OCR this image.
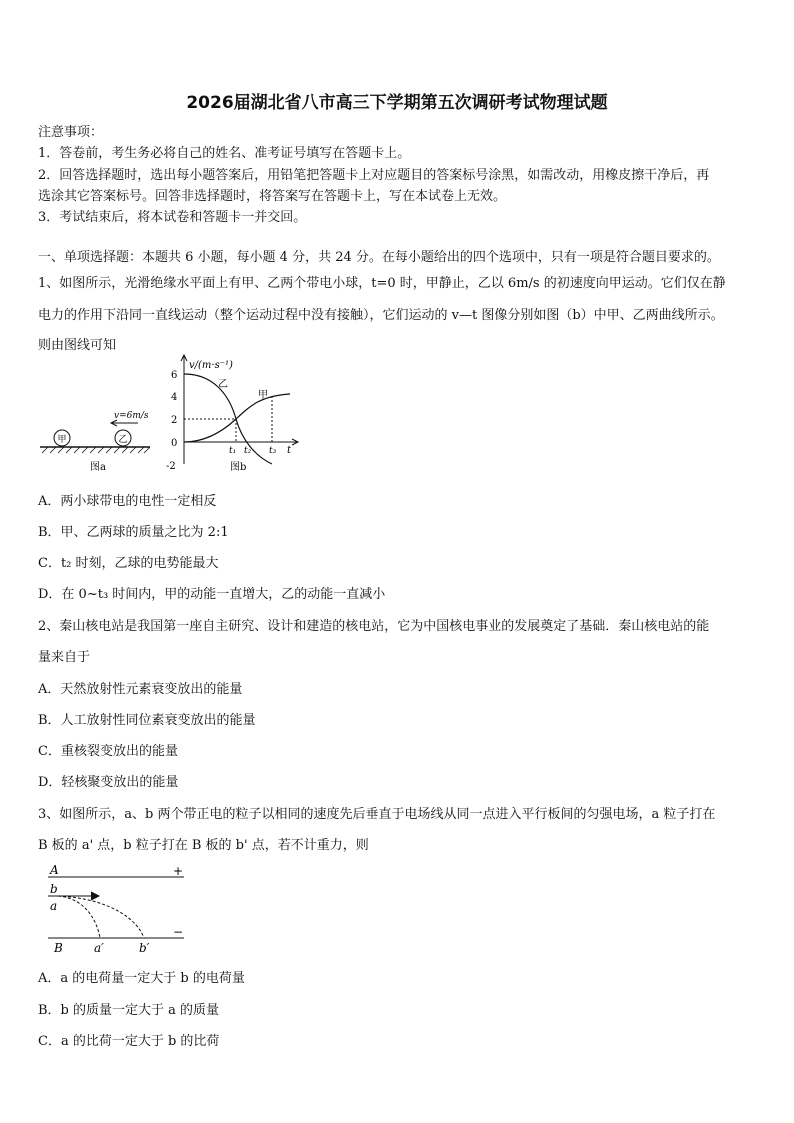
2026届湖北省八市高三下学期第五次调研考试物理试题
注意事项：
1．答卷前，考生务必将自己的姓名、准考证号填写在答题卡上。
2．回答选择题时，选出每小题答案后，用铅笔把答题卡上对应题目的答案标号涂黑，如需改动，用橡皮擦干净后，再
选涂其它答案标号。回答非选择题时，将答案写在答题卡上，写在本试卷上无效。
3．考试结束后，将本试卷和答题卡一并交回。
一、单项选择题：本题共 6 小题，每小题 4 分，共 24 分。在每小题给出的四个选项中，只有一项是符合题目要求的。
1、如图所示，光滑绝缘水平面上有甲、乙两个带电小球，t=0 时，甲静止，乙以 6m/s 的初速度向甲运动。它们仅在静
电力的作用下沿同一直线运动（整个运动过程中没有接触），它们运动的 v—t 图像分别如图（b）中甲、乙两曲线所示。
则由图线可知
v=6m/s
甲	乙
图a
v/(m·s⁻¹)
6
4
2
0
-2
乙
甲
t₁ t₂ t₃ t
图b
A．两小球带电的电性一定相反
B．甲、乙两球的质量之比为 2:1
C．t₂ 时刻，乙球的电势能最大
D．在 0~t₃ 时间内，甲的动能一直增大，乙的动能一直减小
2、秦山核电站是我国第一座自主研究、设计和建造的核电站，它为中国核电事业的发展奠定了基础．秦山核电站的能
量来自于
A．天然放射性元素衰变放出的能量
B．人工放射性同位素衰变放出的能量
C．重核裂变放出的能量
D．轻核聚变放出的能量
3、如图所示，a、b 两个带正电的粒子以相同的速度先后垂直于电场线从同一点进入平行板间的匀强电场，a 粒子打在
B 板的 a' 点，b 粒子打在 B 板的 b' 点，若不计重力，则
A	+
b
a
−
B	a′	b′
A．a 的电荷量一定大于 b 的电荷量
B．b 的质量一定大于 a 的质量
C．a 的比荷一定大于 b 的比荷
